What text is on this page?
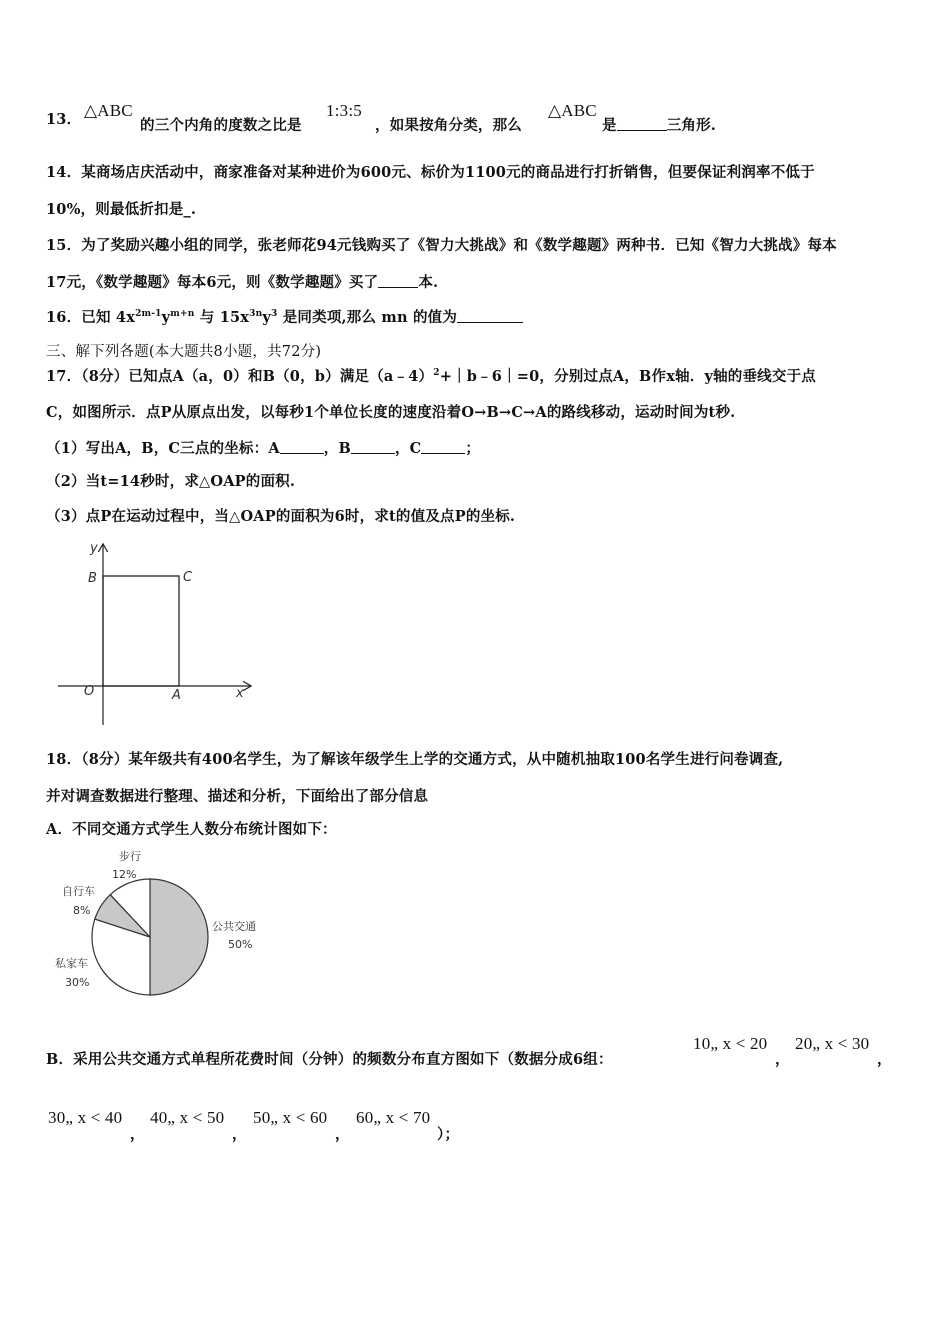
13． △ABC
的三个内角的度数之比是
1:3:5
，如果按角分类，那么
△ABC
是	三角形.
14．某商场店庆活动中，商家准备对某种进价为600元、标价为1100元的商品进行打折销售，但要保证利润率不低于
10%，则最低折扣是_.
15．为了奖励兴趣小组的同学，张老师花94元钱购买了《智力大挑战》和《数学趣题》两种书．已知《智力大挑战》每本
17元，《数学趣题》每本6元，则《数学趣题》买了	本.
16．已知 $4x^{2m-1}y^{m+n}$ 与 $15x^{3n}y^3$ 是同类项,那么 mn 的值为
三、解下列各题(本大题共8小题，共72分)
17．（8分）已知点A（a，0）和B（0，b）满足（a﹣4）$^2$+｜b﹣6｜=0，分别过点A，B作x轴．y轴的垂线交于点
C，如图所示．点P从原点出发，以每秒1个单位长度的速度沿着O→B→C→A的路线移动，运动时间为t秒.
（1）写出A，B，C三点的坐标：A	，B	，C	；
（2）当t=14秒时，求△OAP的面积.
（3）点P在运动过程中，当△OAP的面积为6时，求t的值及点P的坐标.
y
x
B	C
O	A
18．（8分）某年级共有400名学生，为了解该年级学生上学的交通方式，从中随机抽取100名学生进行问卷调查,
并对调查数据进行整理、描述和分析，下面给出了部分信息
A．不同交通方式学生人数分布统计图如下：
步行
12%
自行车
8%
公共交通
50%
私家车
30%
B．采用公共交通方式单程所花费时间（分钟）的频数分布直方图如下（数据分成6组：
10„ x < 20
，
20„ x < 30
，
30„ x < 40
，
40„ x < 50
，
50„ x < 60
，
60„ x < 70
）；
